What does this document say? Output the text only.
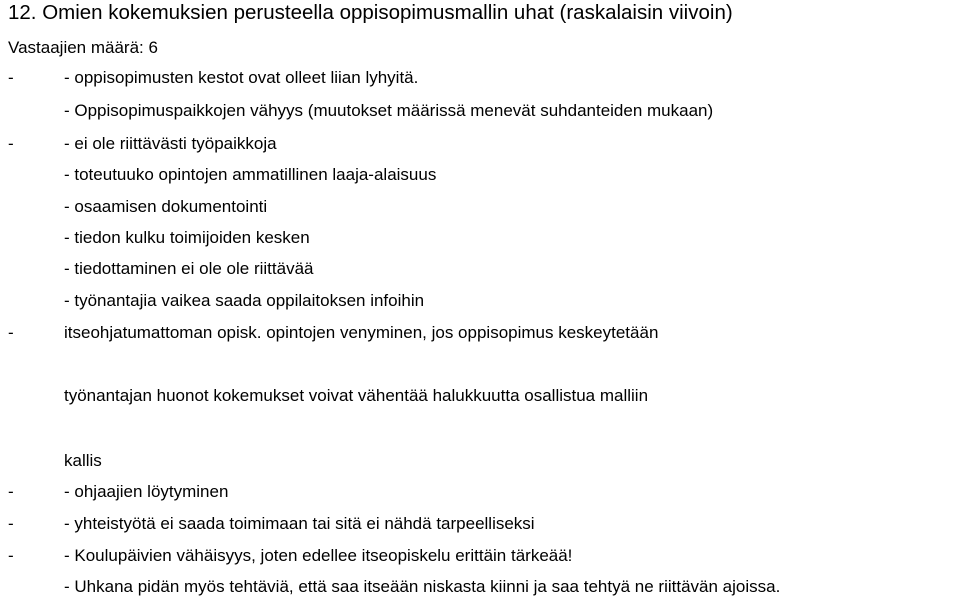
12. Omien kokemuksien perusteella oppisopimusmallin uhat (raskalaisin viivoin)
Vastaajien määrä: 6
-	- oppisopimusten kestot ovat olleet liian lyhyitä.
- Oppisopimuspaikkojen vähyys (muutokset määrissä menevät suhdanteiden mukaan)
-	- ei ole riittävästi työpaikkoja
- toteutuuko opintojen ammatillinen laaja-alaisuus
- osaamisen dokumentointi
- tiedon kulku toimijoiden kesken
- tiedottaminen ei ole ole riittävää
- työnantajia vaikea saada oppilaitoksen infoihin
-	itseohjatumattoman opisk. opintojen venyminen, jos oppisopimus keskeytetään
työnantajan huonot kokemukset voivat vähentää halukkuutta osallistua malliin
kallis
-	- ohjaajien löytyminen
-	- yhteistyötä ei saada toimimaan tai sitä ei nähdä tarpeelliseksi
-	- Koulupäivien vähäisyys, joten edellee itseopiskelu erittäin tärkeää!
- Uhkana pidän myös tehtäviä, että saa itseään niskasta kiinni ja saa tehtyä ne riittävän ajoissa.
